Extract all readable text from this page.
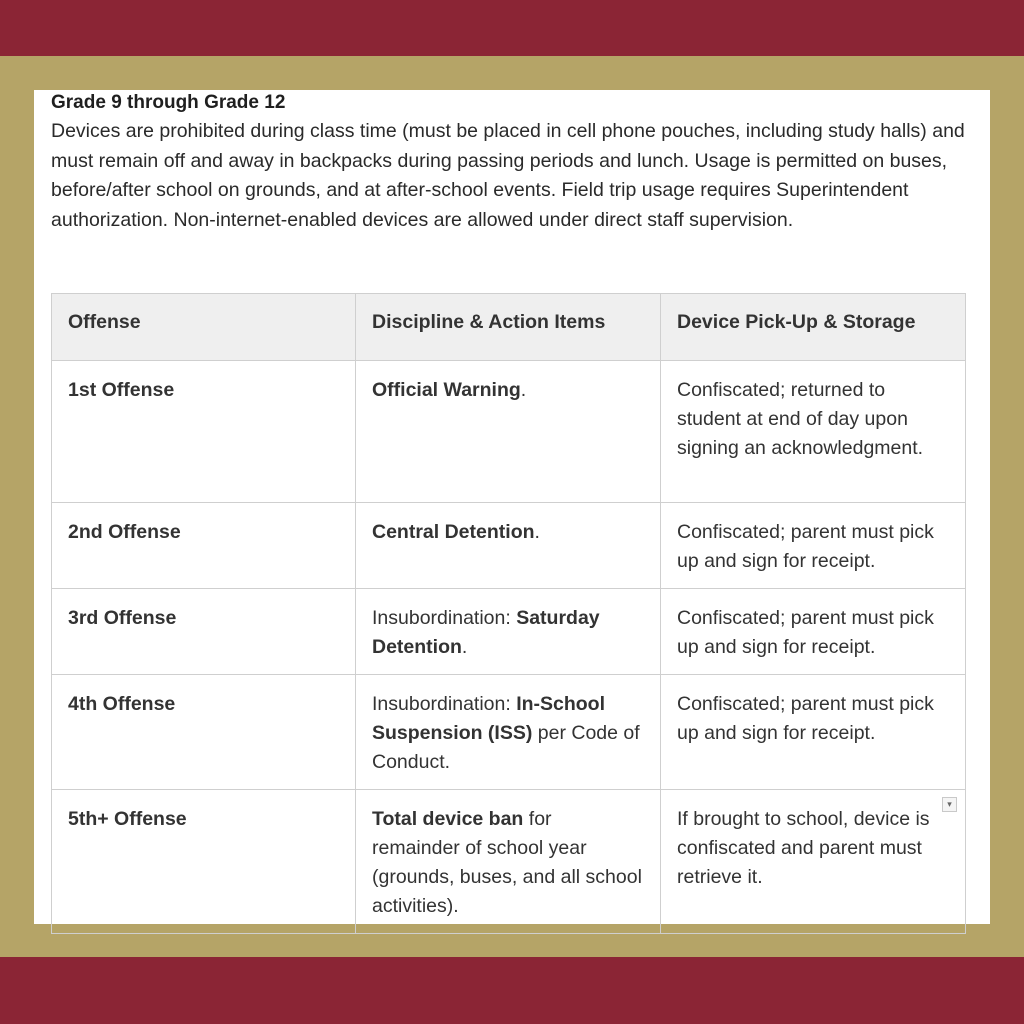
Grade 9 through Grade 12
Devices are prohibited during class time (must be placed in cell phone pouches, including study halls) and must remain off and away in backpacks during passing periods and lunch. Usage is permitted on buses, before/after school on grounds, and at after-school events. Field trip usage requires Superintendent authorization. Non-internet-enabled devices are allowed under direct staff supervision.
Offense	Discipline & Action Items	Device Pick-Up & Storage
1st Offense	Official Warning.	Confiscated; returned to student at end of day upon signing an acknowledgment.
2nd Offense	Central Detention.	Confiscated; parent must pick up and sign for receipt.
3rd Offense	Insubordination: Saturday Detention.	Confiscated; parent must pick up and sign for receipt.
4th Offense	Insubordination: In-School Suspension (ISS) per Code of Conduct.	Confiscated; parent must pick up and sign for receipt.
5th+ Offense	Total device ban for remainder of school year (grounds, buses, and all school activities).	If brought to school, device is confiscated and parent must retrieve it.
▾
